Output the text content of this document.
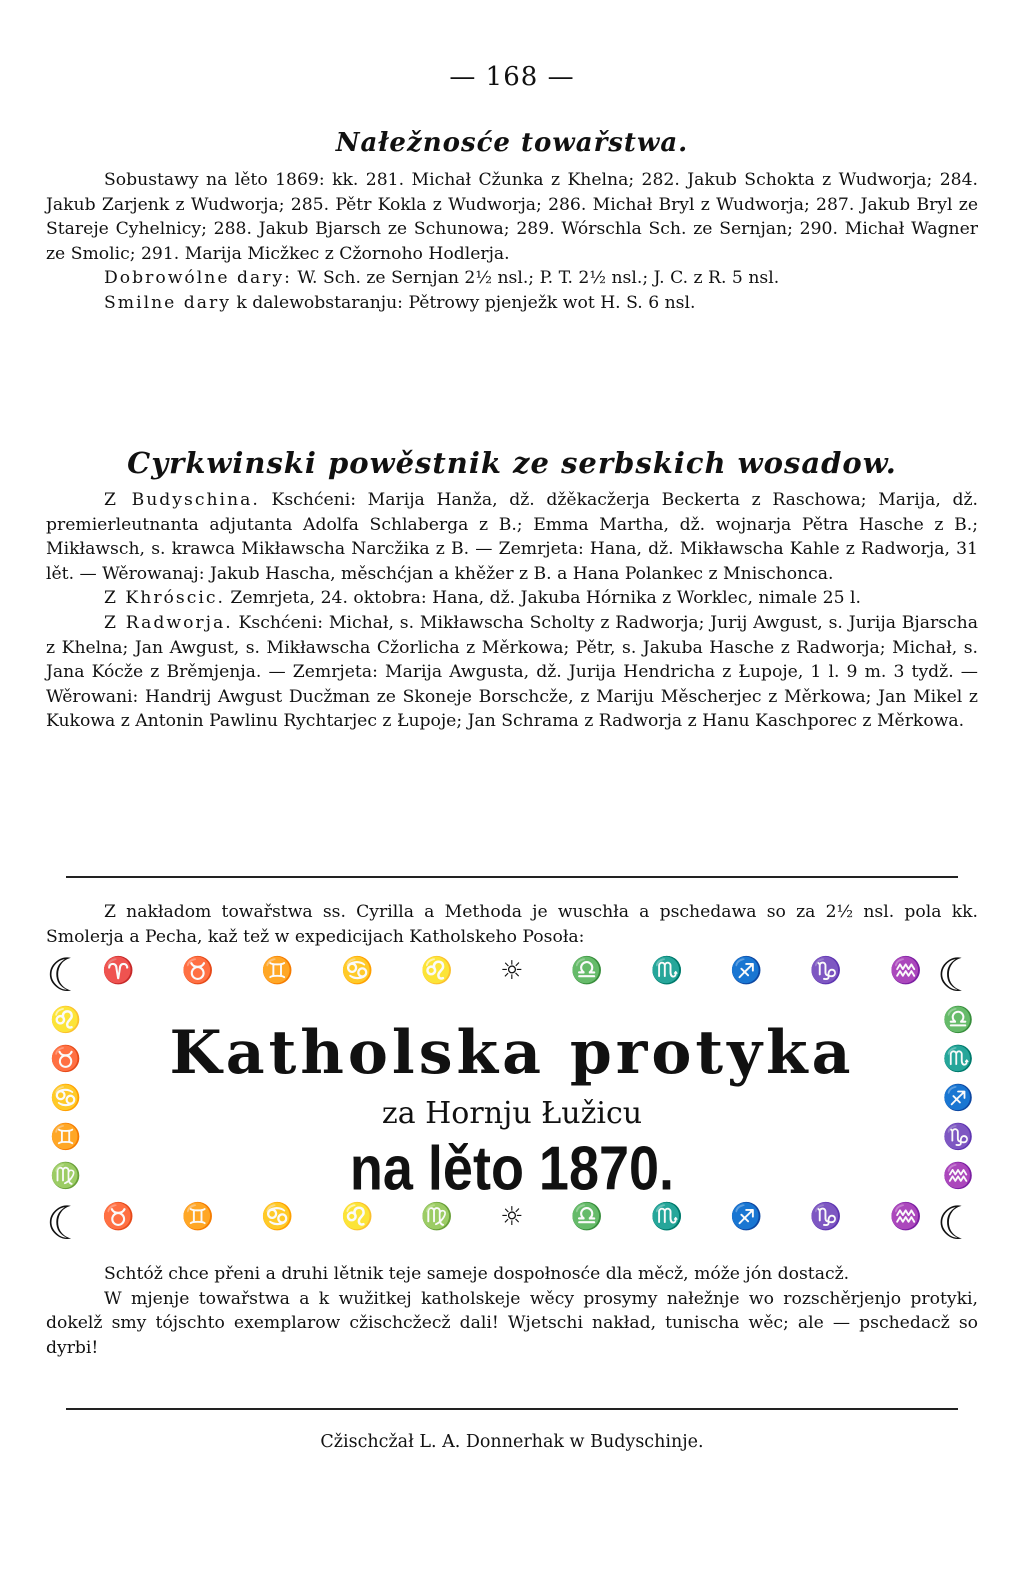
— 168 —
Nałežnosće towařstwa.

Sobustawy na lěto 1869: kk. 281. Michał Cžunka z Khelna; 282. Jakub Schokta z Wudworja; 284. Jakub Zarjenk z Wudworja; 285. Pětr Kokla z Wudworja; 286. Michał Bryl z Wudworja; 287. Jakub Bryl ze Stareje Cyhelnicy; 288. Jakub Bjarsch ze Schunowa; 289. Wórschla Sch. ze Sernjan; 290. Michał Wagner ze Smolic; 291. Marija Micžkec z Cžornoho Hodlerja.

Dobrowólne dary: W. Sch. ze Sernjan 2½ nsl.; P. T. 2½ nsl.; J. C. z R. 5 nsl.

Smilne dary k dalewobstaranju: Pětrowy pjenježk wot H. S. 6 nsl.

Cyrkwinski powěstnik ze serbskich wosadow.

Z Budyschina. Kschćeni: Marija Hanža, dž. džěkacžerja Beckerta z Raschowa; Marija, dž. premierleutnanta adjutanta Adolfa Schlaberga z B.; Emma Martha, dž. wojnarja Pětra Hasche z B.; Mikławsch, s. krawca Mikławscha Narcžika z B. — Zemrjeta: Hana, dž. Mikławscha Kahle z Radworja, 31 lět. — Wěrowanaj: Jakub Hascha, měschćjan a khěžer z B. a Hana Polankec z Mnischonca.

Z Khróscic. Zemrjeta, 24. oktobra: Hana, dž. Jakuba Hórnika z Worklec, nimale 25 l.

Z Radworja. Kschćeni: Michał, s. Mikławscha Scholty z Radworja; Jurij Awgust, s. Jurija Bjarscha z Khelna; Jan Awgust, s. Mikławscha Cžorlicha z Měrkowa; Pětr, s. Jakuba Hasche z Radworja; Michał, s. Jana Kócže z Brěmjenja. — Zemrjeta: Marija Awgusta, dž. Jurija Hendricha z Łupoje, 1 l. 9 m. 3 tydž. — Wěrowani: Handrij Awgust Ducžman ze Skoneje Borschcže, z Mariju Měscherjec z Měrkowa; Jan Mikel z Kukowa z Antonin Pawlinu Rychtarjec z Łupoje; Jan Schrama z Radworja z Hanu Kaschporec z Měrkowa.

Z nakładom towařstwa ss. Cyrilla a Methoda je wuschła a pschedawa so za 2½ nsl. pola kk. Smolerja a Pecha, kaž tež w expedicijach Katholskeho Posoła:

☾	☾
☾	☾
♈ ♉ ♊ ♋ ♌ ☼ ♎ ♏ ♐ ♑ ♒
♌
♉
♋
♊
♍
♎
♏
♐
♑
♒
Katholska protyka
za Hornju Łužicu
na lěto 1870.
♉ ♊ ♋ ♌ ♍ ☼ ♎ ♏ ♐ ♑ ♒

Schtóž chce přeni a druhi lětnik teje sameje dospołnosće dla měcž, móže jón dostacž.

W mjenje towařstwa a k wužitkej katholskeje wěcy prosymy nałežnje wo rozschěrjenjo protyki, dokelž smy tójschto exemplarow cžischcžecž dali! Wjetschi nakład, tunischa wěc; ale — pschedacž so dyrbi!

Cžischcžał L. A. Donnerhak w Budyschinje.
